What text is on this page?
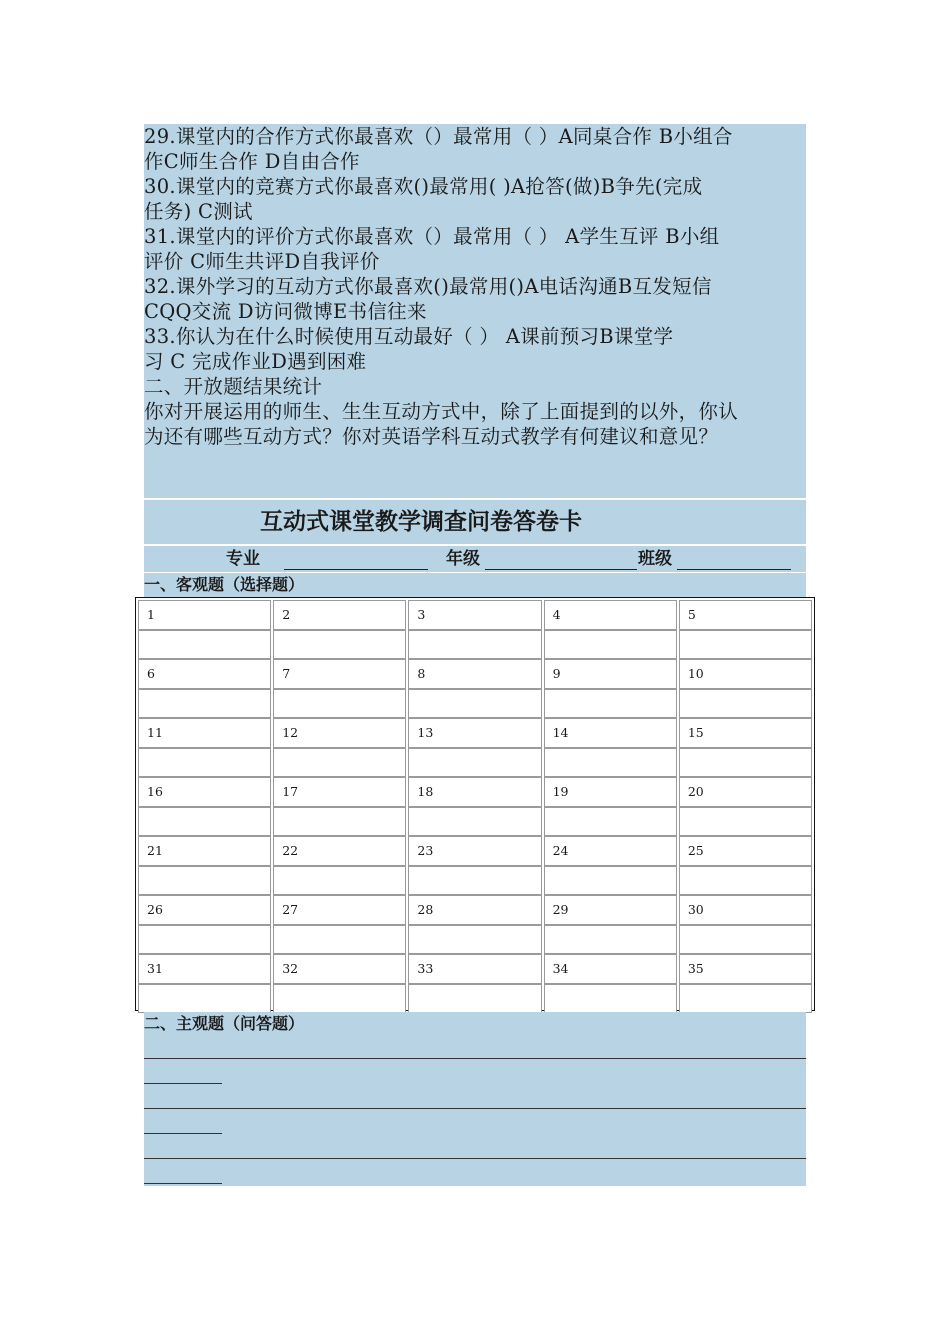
29.课堂内的合作方式你最喜欢（）最常用（ ）A同桌合作 B小组合
作C师生合作 D自由合作
30.课堂内的竞赛方式你最喜欢()最常用( )A抢答(做)B争先(完成
任务) C测试
31.课堂内的评价方式你最喜欢（）最常用（ ） A学生互评 B小组
评价 C师生共评D自我评价
32.课外学习的互动方式你最喜欢()最常用()A电话沟通B互发短信
CQQ交流 D访问微博E书信往来
33.你认为在什么时候使用互动最好（ ） A课前预习B课堂学
习 C 完成作业D遇到困难
二、开放题结果统计
你对开展运用的师生、生生互动方式中，除了上面提到的以外，你认
为还有哪些互动方式？你对英语学科互动式教学有何建议和意见？
互动式课堂教学调查问卷答卷卡
专业	年级	班级
一、客观题（选择题）
1	2	3	4	5
6	7	8	9	10
11	12	13	14	15
16	17	18	19	20
21	22	23	24	25
26	27	28	29	30
31	32	33	34	35
二、主观题（问答题）
